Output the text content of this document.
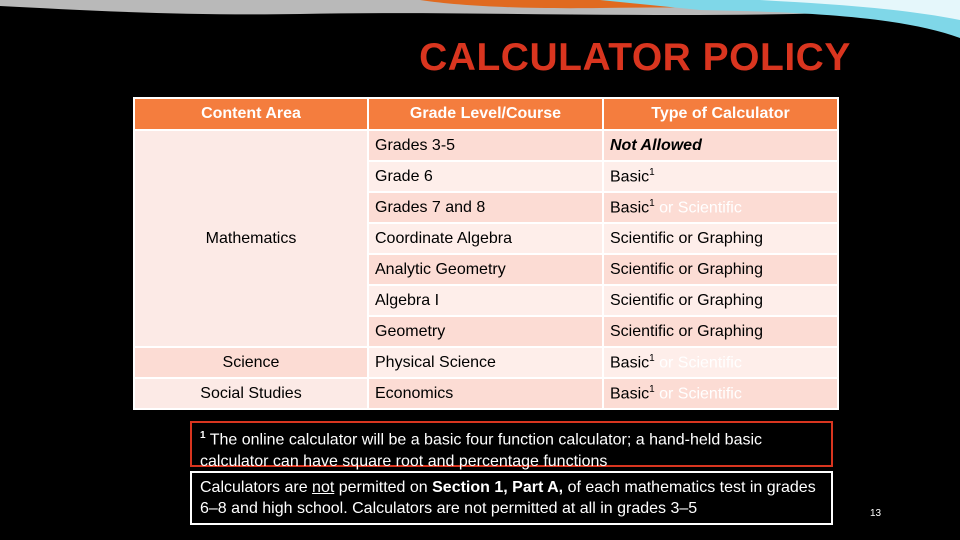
CALCULATOR POLICY
Content Area	Grade Level/Course	Type of Calculator
Mathematics	Grades 3-5	Not Allowed
	Grade 6	Basic$^1$
	Grades 7 and 8	Basic$^1$ or Scientific
	Coordinate Algebra	Scientific or Graphing
	Analytic Geometry	Scientific or Graphing
	Algebra I	Scientific or Graphing
	Geometry	Scientific or Graphing
Science	Physical Science	Basic$^1$ or Scientific
Social Studies	Economics	Basic$^1$ or Scientific
$^1$ The online calculator will be a basic four function calculator; a hand-held basic calculator can have square root and percentage functions
Calculators are not permitted on Section 1, Part A, of each mathematics test in grades 6–8 and high school. Calculators are not permitted at all in grades 3–5	13
